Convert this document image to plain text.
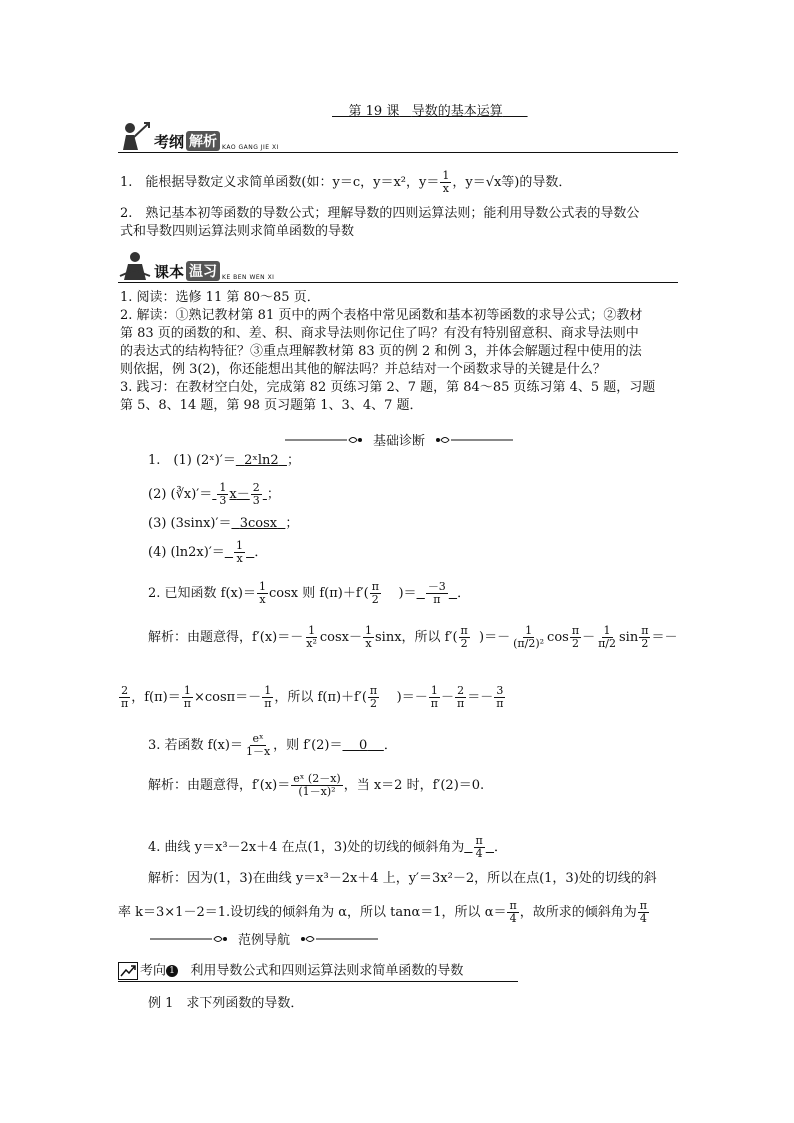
第 19 课 导数的基本运算
考纲 解析 KAO GANG JIE XI
1.　能根据导数定义求简单函数(如：y＝c，y＝x²，$y= \frac{1}{x}$ ，y＝√x等)的导数．
2.　熟记基本初等函数的导数公式；理解导数的四则运算法则；能利用导数公式表的导数公
式和导数四则运算法则求简单函数的导数
课本 温习 KE BEN WEN XI
1. 阅读：选修 11 第 80～85 页．
2. 解读：①熟记教材第 81 页中的两个表格中常见函数和基本初等函数的求导公式；②教材
第 83 页的函数的和、差、积、商求导法则你记住了吗？有没有特别留意积、商求导法则中
的表达式的结构特征？③重点理解教材第 83 页的例 2 和例 3，并体会解题过程中使用的法
则依据，例 3(2)，你还能想出其他的解法吗？并总结对一个函数求导的关键是什么？
3. 践习：在教材空白处，完成第 82 页练习第 2、7 题，第 84～85 页练习第 4、5 题，习题
第 5、8、14 题，第 98 页习题第 1、3、4、7 题．
基础诊断
1.　(1) (2ˣ)′＝ 2ˣln2 ；
(2) (∛x)′＝ $\frac{1}{3} x- \frac{2}{3}$ ；
(3) (3sinx)′＝ 3cosx ；
(4) $(\ln 2x)'= \frac{1}{x}$ ．
2. 已知函数 $f(x)= \frac{1}{x}$ cosx 则 $f(\pi)+f'( \frac{\pi}{2}$ )＝ $\frac{-3}{\pi}$ ．
解析：由题意得，$f'(x)=- \frac{1}{\text{x²}} \cos x- \frac{1}{x}$ sinx，所以 $f'( \frac{\pi}{2}$ )＝－ $\frac{1}{\text{(π/2)²}}$ $\cos \frac{\pi}{2} - \frac{1}{\pi/2}$ $\sin \frac{\pi}{2}$ ＝－
$\frac{2}{\pi}$ ，$f(\pi)= \frac{1}{\pi} \times\cos\pi=- \frac{1}{\pi}$ ，所以 $f(\pi)+f'( \frac{\pi}{2}$ )＝－ $\frac{1}{\pi} - \frac{2}{\pi} =- \frac{3}{\pi}$
3. 若函数 $f(x)= \frac{\text{eˣ}}{1-x}$ ，则 f′(2)＝ 0 ．
解析：由题意得，$f'(x)= \frac{\text{eˣ (2－x)}}{\text{(1－x)²}}$ ，当 x＝2 时，f′(2)＝0.
4. 曲线 y＝x³－2x＋4 在点(1，3)处的切线的倾斜角为 $\frac{\pi}{4}$ ．
解析：因为(1，3)在曲线 y＝x³－2x＋4 上，y′＝3x²－2，所以在点(1，3)处的切线的斜
率 k＝3×1－2＝1.设切线的倾斜角为 α，所以 tanα＝1，所以 $\alpha= \frac{\pi}{4}$ ，故所求的倾斜角为 $\frac{\pi}{4}$
范例导航
考向 1 利用导数公式和四则运算法则求简单函数的导数
例 1　求下列函数的导数．
